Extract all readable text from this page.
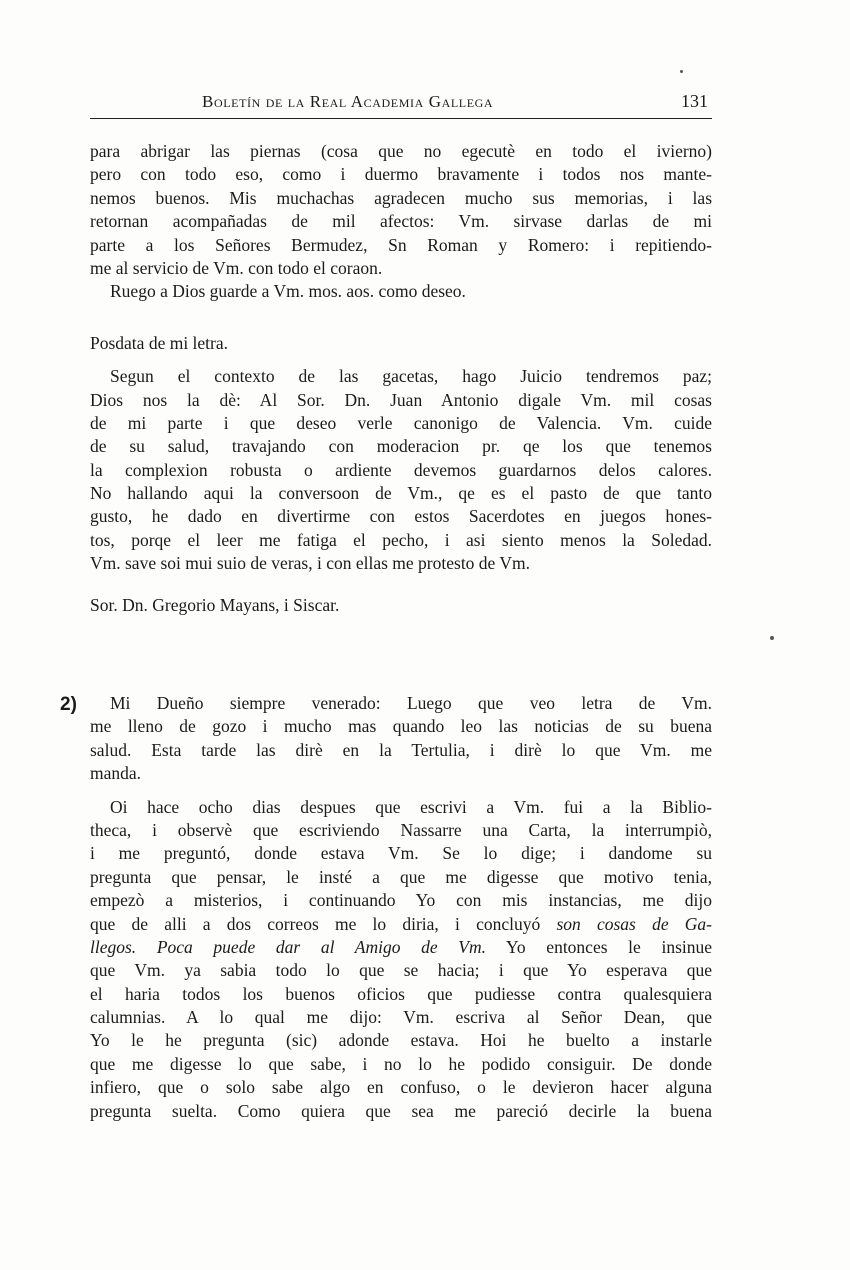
Boletín de la Real Academia Gallega	131
para abrigar las piernas (cosa que no egecutè en todo el ivierno)
pero con todo eso, como i duermo bravamente i todos nos mante-
nemos buenos. Mis muchachas agradecen mucho sus memorias, i las
retornan acompañadas de mil afectos: Vm. sirvase darlas de mi
parte a los Señores Bermudez, Sn Roman y Romero: i repitiendo-
me al servicio de Vm. con todo el coraon.
Ruego a Dios guarde a Vm. mos. aos. como deseo.
Posdata de mi letra.
Segun el contexto de las gacetas, hago Juicio tendremos paz;
Dios nos la dè: Al Sor. Dn. Juan Antonio digale Vm. mil cosas
de mi parte i que deseo verle canonigo de Valencia. Vm. cuide
de su salud, travajando con moderacion pr. qe los que tenemos
la complexion robusta o ardiente devemos guardarnos delos calores.
No hallando aqui la conversoon de Vm., qe es el pasto de que tanto
gusto, he dado en divertirme con estos Sacerdotes en juegos hones-
tos, porqe el leer me fatiga el pecho, i asi siento menos la Soledad.
Vm. save soi mui suio de veras, i con ellas me protesto de Vm.
Sor. Dn. Gregorio Mayans, i Siscar.
2)	Mi Dueño siempre venerado: Luego que veo letra de Vm.
me lleno de gozo i mucho mas quando leo las noticias de su buena
salud. Esta tarde las dirè en la Tertulia, i dirè lo que Vm. me
manda.
Oi hace ocho dias despues que escrivi a Vm. fui a la Biblio-
theca, i observè que escriviendo Nassarre una Carta, la interrumpiò,
i me preguntó, donde estava Vm. Se lo dige; i dandome su
pregunta que pensar, le insté a que me digesse que motivo tenia,
empezò a misterios, i continuando Yo con mis instancias, me dijo
que de alli a dos correos me lo diria, i concluyó son cosas de Ga-
llegos. Poca puede dar al Amigo de Vm. Yo entonces le insinue
que Vm. ya sabia todo lo que se hacia; i que Yo esperava que
el haria todos los buenos oficios que pudiesse contra qualesquiera
calumnias. A lo qual me dijo: Vm. escriva al Señor Dean, que
Yo le he pregunta (sic) adonde estava. Hoi he buelto a instarle
que me digesse lo que sabe, i no lo he podido consiguir. De donde
infiero, que o solo sabe algo en confuso, o le devieron hacer alguna
pregunta suelta. Como quiera que sea me pareció decirle la buena
